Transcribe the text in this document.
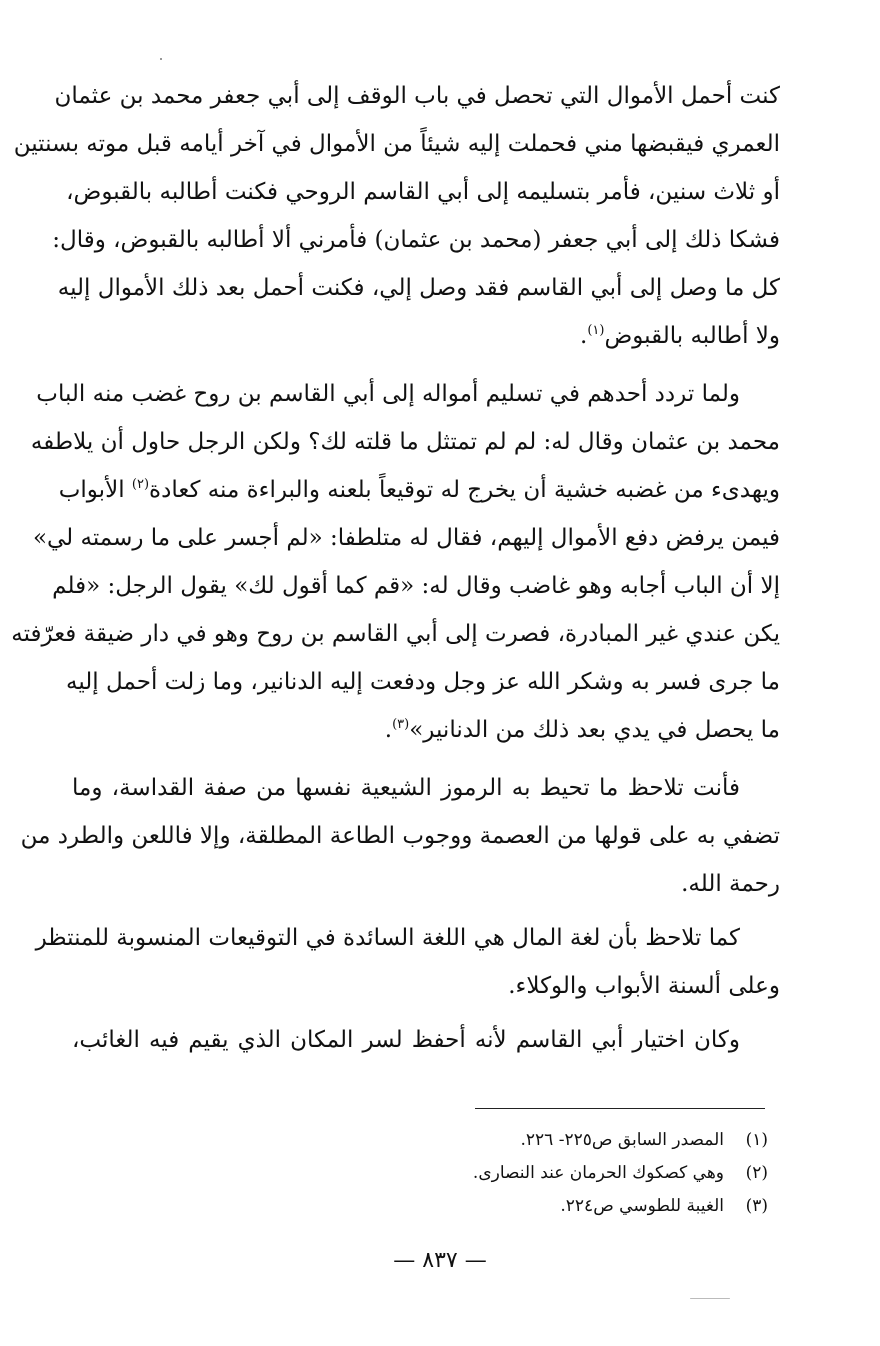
كنت أحمل الأموال التي تحصل في باب الوقف إلى أبي جعفر محمد بن عثمان
العمري فيقبضها مني فحملت إليه شيئاً من الأموال في آخر أيامه قبل موته بسنتين
أو ثلاث سنين، فأمر بتسليمه إلى أبي القاسم الروحي فكنت أطالبه بالقبوض،
فشكا ذلك إلى أبي جعفر (محمد بن عثمان) فأمرني ألا أطالبه بالقبوض، وقال:
كل ما وصل إلى أبي القاسم فقد وصل إلي، فكنت أحمل بعد ذلك الأموال إليه
ولا أطالبه بالقبوض$^{(١)}$.
ولما تردد أحدهم في تسليم أمواله إلى أبي القاسم بن روح غضب منه الباب
محمد بن عثمان وقال له: لم لم تمتثل ما قلته لك؟ ولكن الرجل حاول أن يلاطفه
ويهدىء من غضبه خشية أن يخرج له توقيعاً بلعنه والبراءة منه كعادة$^{(٢)}$ الأبواب
فيمن يرفض دفع الأموال إليهم، فقال له متلطفا: «لم أجسر على ما رسمته لي»
إلا أن الباب أجابه وهو غاضب وقال له: «قم كما أقول لك» يقول الرجل: «فلم
يكن عندي غير المبادرة، فصرت إلى أبي القاسم بن روح وهو في دار ضيقة فعرّفته
ما جرى فسر به وشكر الله عز وجل ودفعت إليه الدنانير، وما زلت أحمل إليه
ما يحصل في يدي بعد ذلك من الدنانير»$^{(٣)}$.
فأنت تلاحظ ما تحيط به الرموز الشيعية نفسها من صفة القداسة، وما
تضفي به على قولها من العصمة ووجوب الطاعة المطلقة، وإلا فاللعن والطرد من
رحمة الله.
كما تلاحظ بأن لغة المال هي اللغة السائدة في التوقيعات المنسوبة للمنتظر
وعلى ألسنة الأبواب والوكلاء.
وكان اختيار أبي القاسم لأنه أحفظ لسر المكان الذي يقيم فيه الغائب،
(١)المصدر السابق ص٢٢٥- ٢٢٦.
(٢)وهي كصكوك الحرمان عند النصارى.
(٣)الغيبة للطوسي ص٢٢٤.
— ٨٣٧ —
